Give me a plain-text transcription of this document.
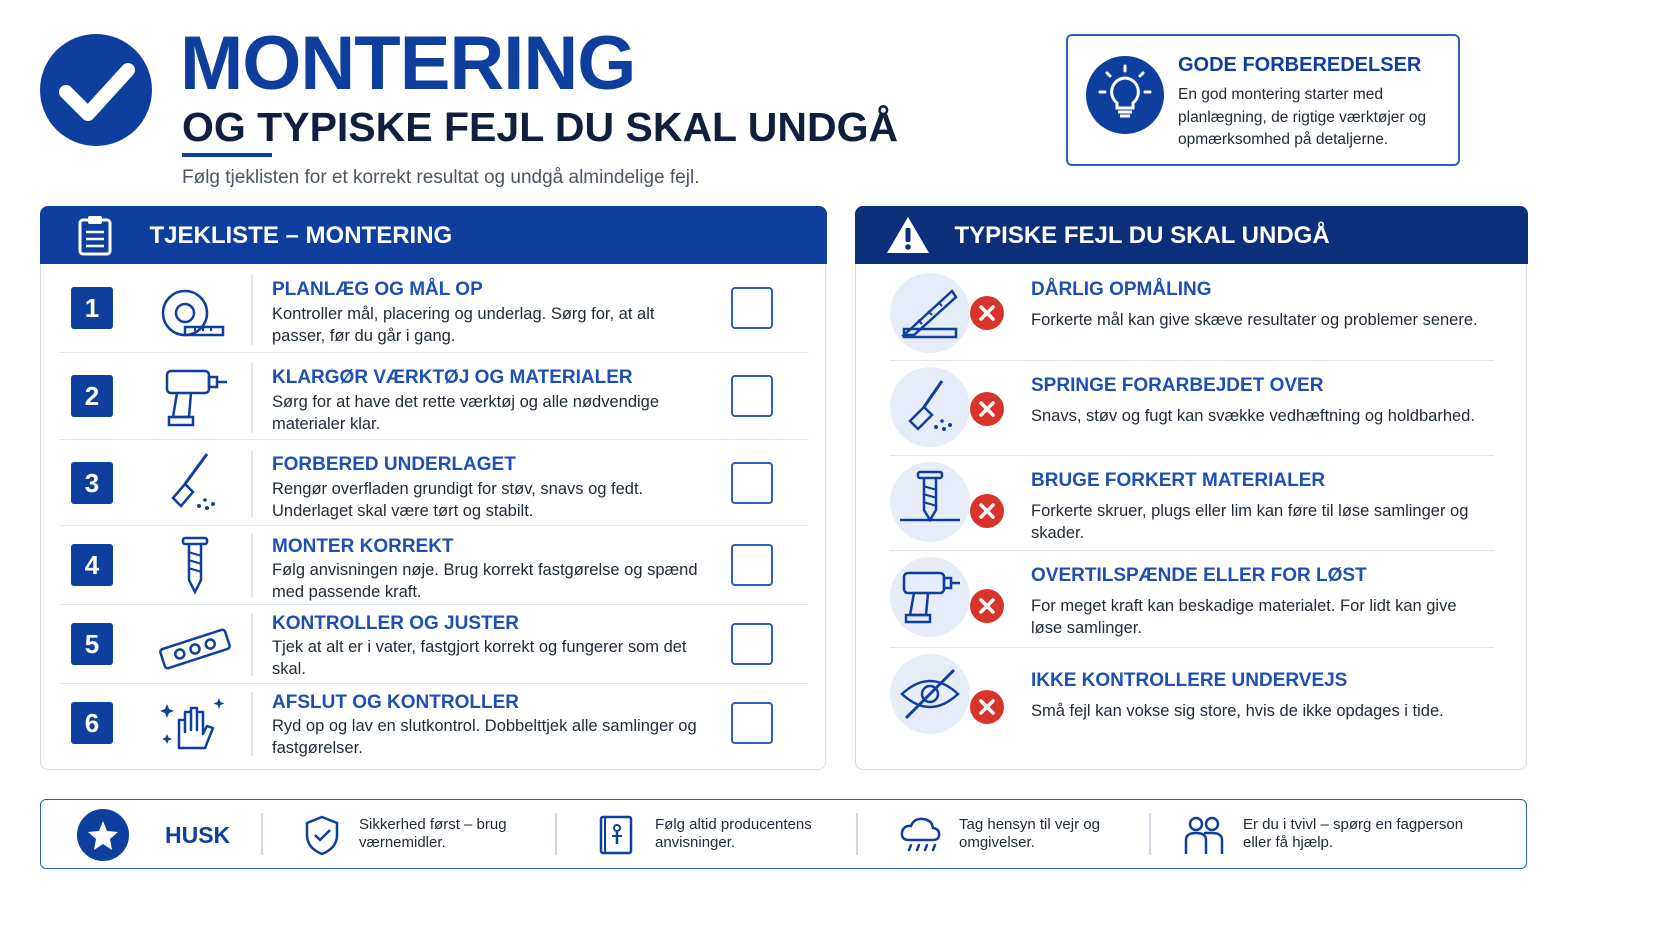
MONTERING
OG TYPISKE FEJL DU SKAL UNDGÅ
Følg tjeklisten for et korrekt resultat og undgå almindelige fejl.
GODE FORBEREDELSER
En god montering starter med planlægning, de rigtige værktøjer og opmærksomhed på detaljerne.
TJEKLISTE – MONTERING
1
PLANLÆG OG MÅL OP
Kontroller mål, placering og underlag. Sørg for, at alt passer, før du går i gang.
2
KLARGØR VÆRKTØJ OG MATERIALER
Sørg for at have det rette værktøj og alle nødvendige materialer klar.
3
FORBERED UNDERLAGET
Rengør overfladen grundigt for støv, snavs og fedt. Underlaget skal være tørt og stabilt.
4
MONTER KORREKT
Følg anvisningen nøje. Brug korrekt fastgørelse og spænd med passende kraft.
5
KONTROLLER OG JUSTER
Tjek at alt er i vater, fastgjort korrekt og fungerer som det skal.
6
AFSLUT OG KONTROLLER
Ryd op og lav en slutkontrol. Dobbelttjek alle samlinger og fastgørelser.
TYPISKE FEJL DU SKAL UNDGÅ
DÅRLIG OPMÅLING
Forkerte mål kan give skæve resultater og problemer senere.
SPRINGE FORARBEJDET OVER
Snavs, støv og fugt kan svække vedhæftning og holdbarhed.
BRUGE FORKERT MATERIALER
Forkerte skruer, plugs eller lim kan føre til løse samlinger og skader.
OVERTILSPÆNDE ELLER FOR LØST
For meget kraft kan beskadige materialet. For lidt kan give løse samlinger.
IKKE KONTROLLERE UNDERVEJS
Små fejl kan vokse sig store, hvis de ikke opdages i tide.
HUSK	Sikkerhed først – brug værnemidler.
Følg altid producentens anvisninger.
Tag hensyn til vejr og omgivelser.
Er du i tvivl – spørg en fagperson eller få hjælp.
